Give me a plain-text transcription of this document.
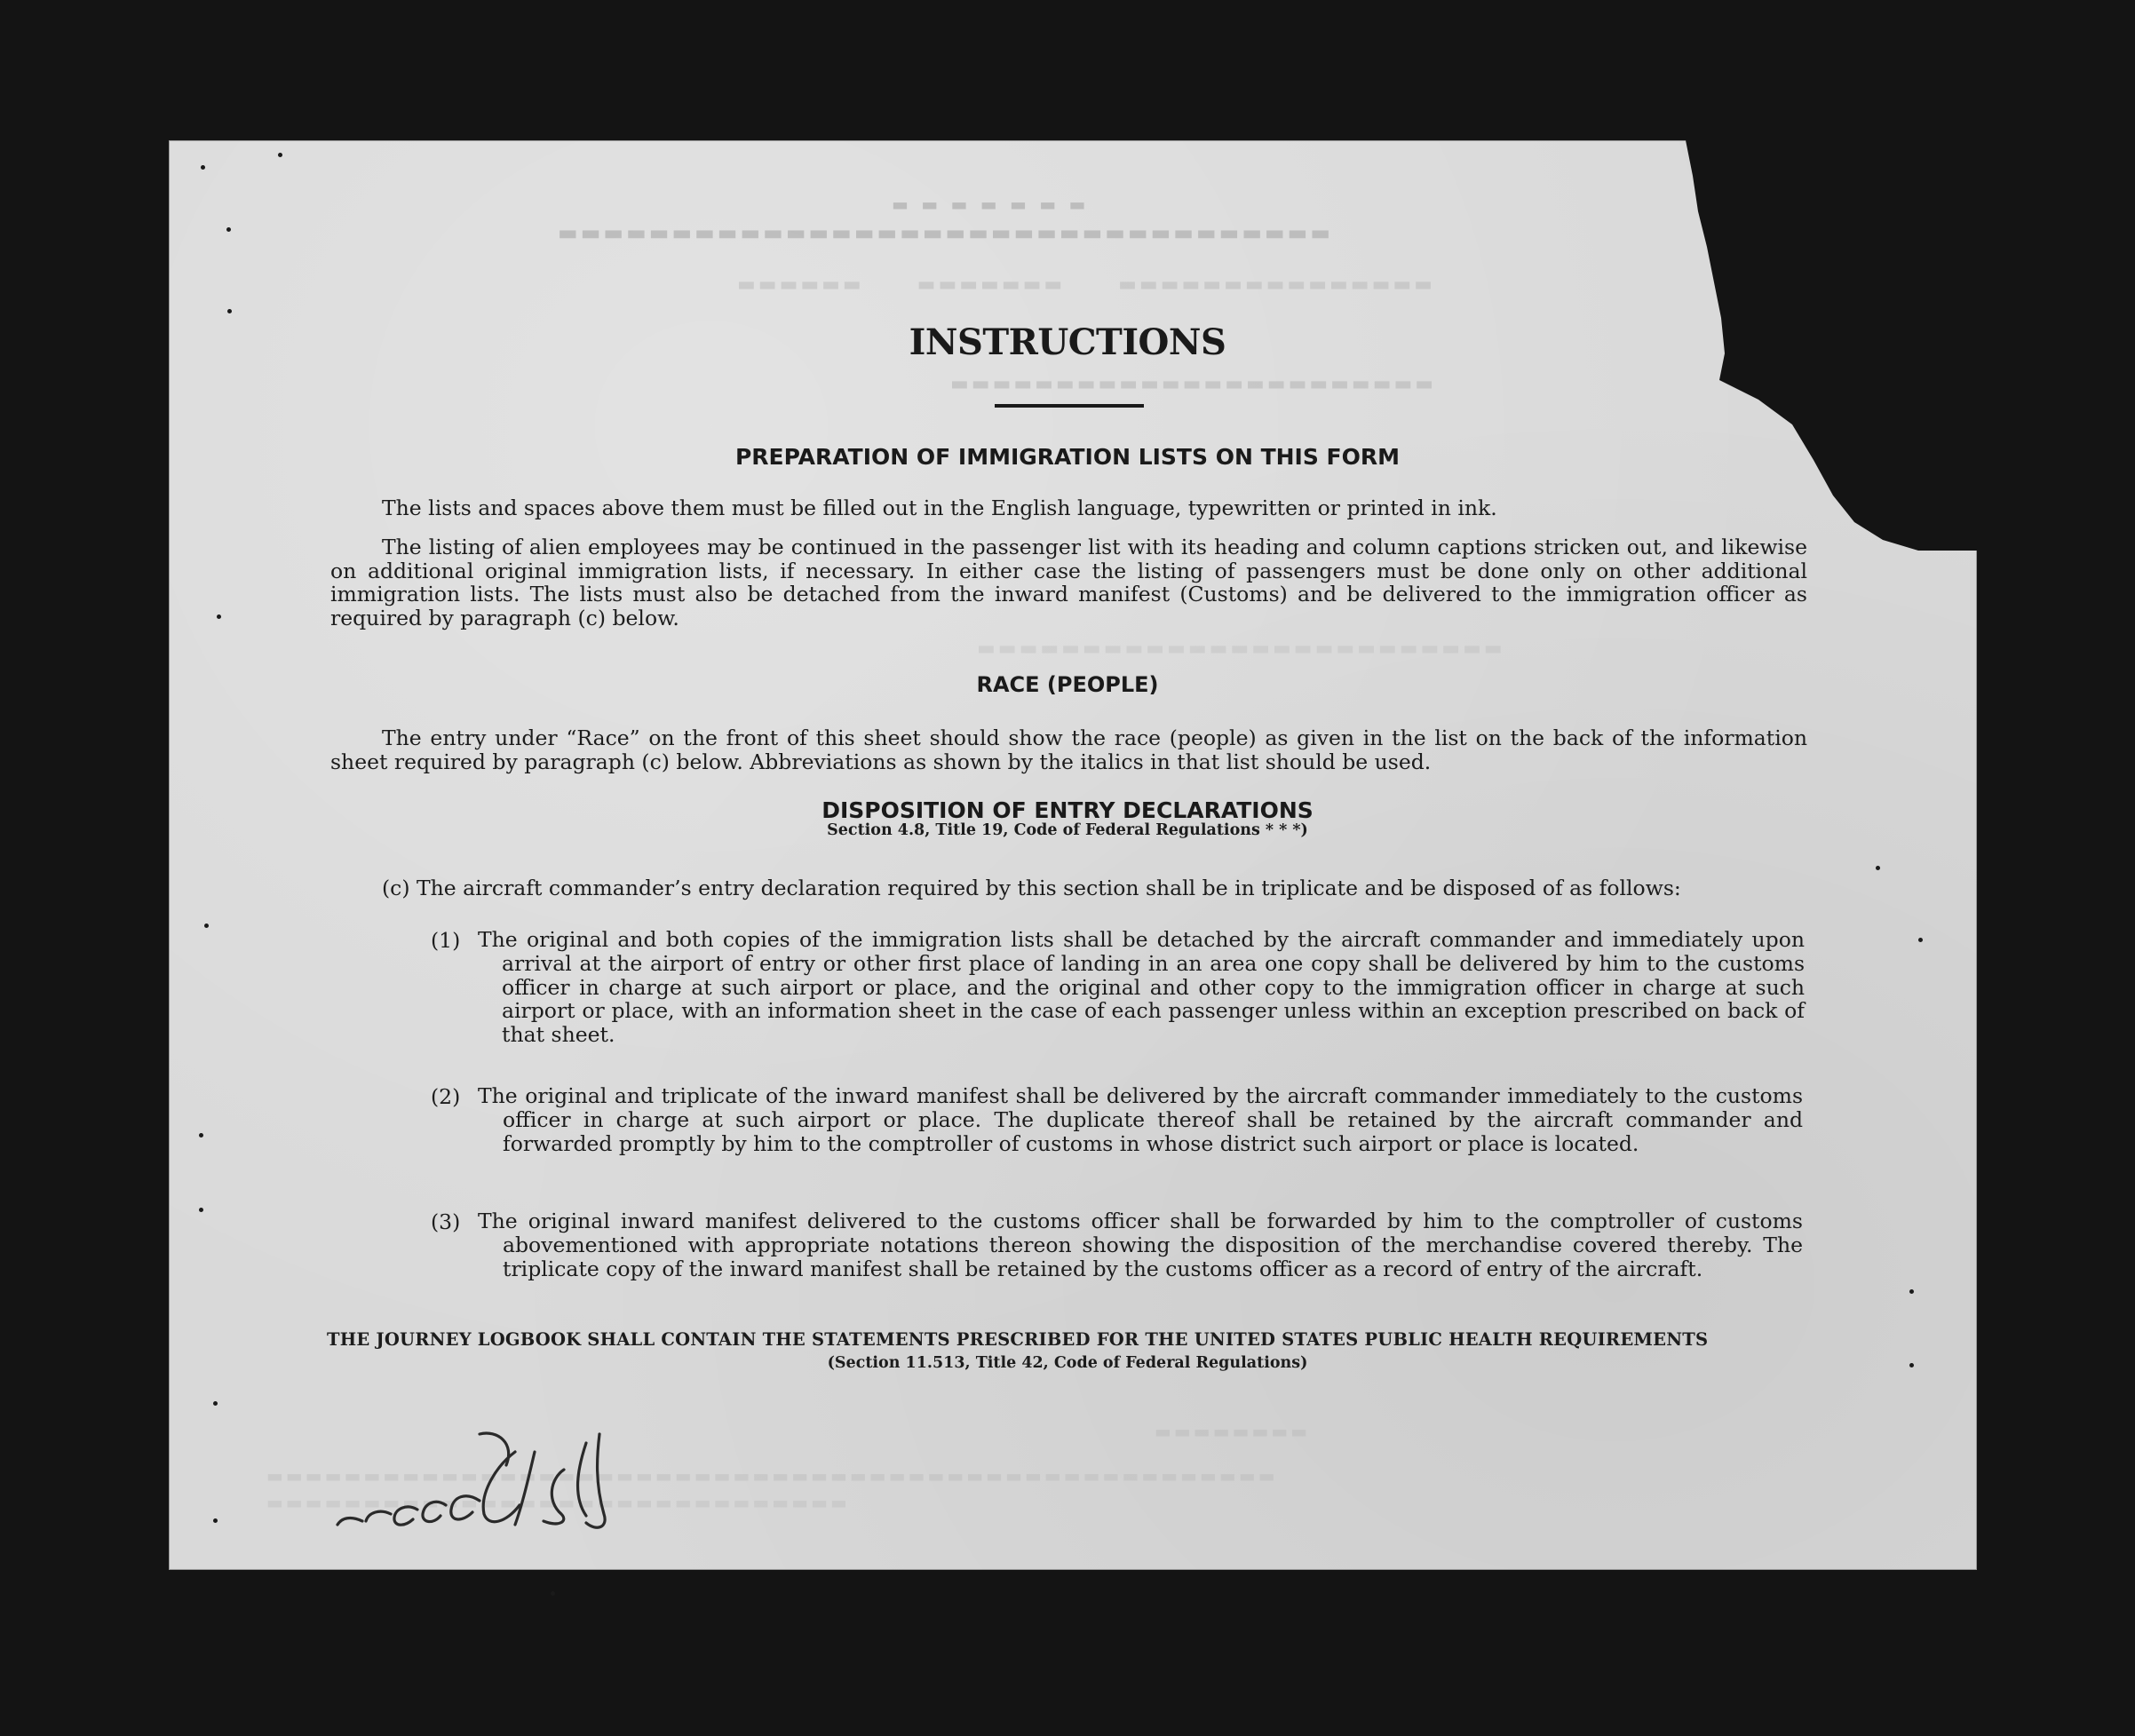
▬ ▬ ▬ ▬ ▬ ▬ ▬
▬▬▬▬▬▬▬▬▬▬▬▬▬▬▬▬▬▬▬▬▬▬▬▬▬▬▬▬▬▬▬▬▬▬
▬▬▬▬▬▬      ▬▬▬▬▬▬▬      ▬▬▬▬▬▬▬▬▬▬▬▬▬▬▬
▬▬▬▬▬▬▬▬▬▬▬▬▬▬▬▬▬▬▬▬▬▬▬
▬▬▬▬▬▬▬▬▬▬▬▬▬▬▬▬▬▬▬▬▬▬▬▬▬
▬▬▬▬▬▬▬▬
▬▬▬▬▬▬▬▬▬▬▬▬▬▬▬▬▬▬▬▬▬▬▬▬▬▬▬▬▬▬▬▬▬▬▬▬▬▬▬▬▬▬▬▬▬▬▬▬▬▬▬▬
▬▬▬▬▬▬▬▬▬▬▬▬▬▬▬▬▬▬▬▬▬▬▬▬▬▬▬▬▬▬
INSTRUCTIONS
PREPARATION OF IMMIGRATION LISTS ON THIS FORM
The lists and spaces above them must be filled out in the English language, typewritten or printed in ink.
The listing of alien employees may be continued in the passenger list with its heading and column captions stricken out, and likewise on additional original immigration lists, if necessary. In either case the listing of passengers must be done only on other additional immigration lists. The lists must also be detached from the inward manifest (Customs) and be delivered to the immigration officer as required by paragraph (c) below.
RACE (PEOPLE)
The entry under “Race” on the front of this sheet should show the race (people) as given in the list on the back of the information sheet required by paragraph (c) below. Abbreviations as shown by the italics in that list should be used.
DISPOSITION OF ENTRY DECLARATIONS
Section 4.8, Title 19, Code of Federal Regulations * * *)
(c) The aircraft commander’s entry declaration required by this section shall be in triplicate and be disposed of as follows:
(1) The original and both copies of the immigration lists shall be detached by the aircraft commander and immediately upon arrival at the airport of entry or other first place of landing in an area one copy shall be delivered by him to the customs officer in charge at such airport or place, and the original and other copy to the immigration officer in charge at such airport or place, with an information sheet in the case of each passenger unless within an exception prescribed on back of that sheet.
(2) The original and triplicate of the inward manifest shall be delivered by the aircraft commander immediately to the customs officer in charge at such airport or place. The duplicate thereof shall be retained by the aircraft commander and forwarded promptly by him to the comptroller of customs in whose district such airport or place is located.
(3) The original inward manifest delivered to the customs officer shall be forwarded by him to the comptroller of customs abovementioned with appropriate notations thereon showing the disposition of the merchandise covered thereby. The triplicate copy of the inward manifest shall be retained by the customs officer as a record of entry of the aircraft.
THE JOURNEY LOGBOOK SHALL CONTAIN THE STATEMENTS PRESCRIBED FOR THE UNITED STATES PUBLIC HEALTH REQUIREMENTS
(Section 11.513, Title 42, Code of Federal Regulations)
